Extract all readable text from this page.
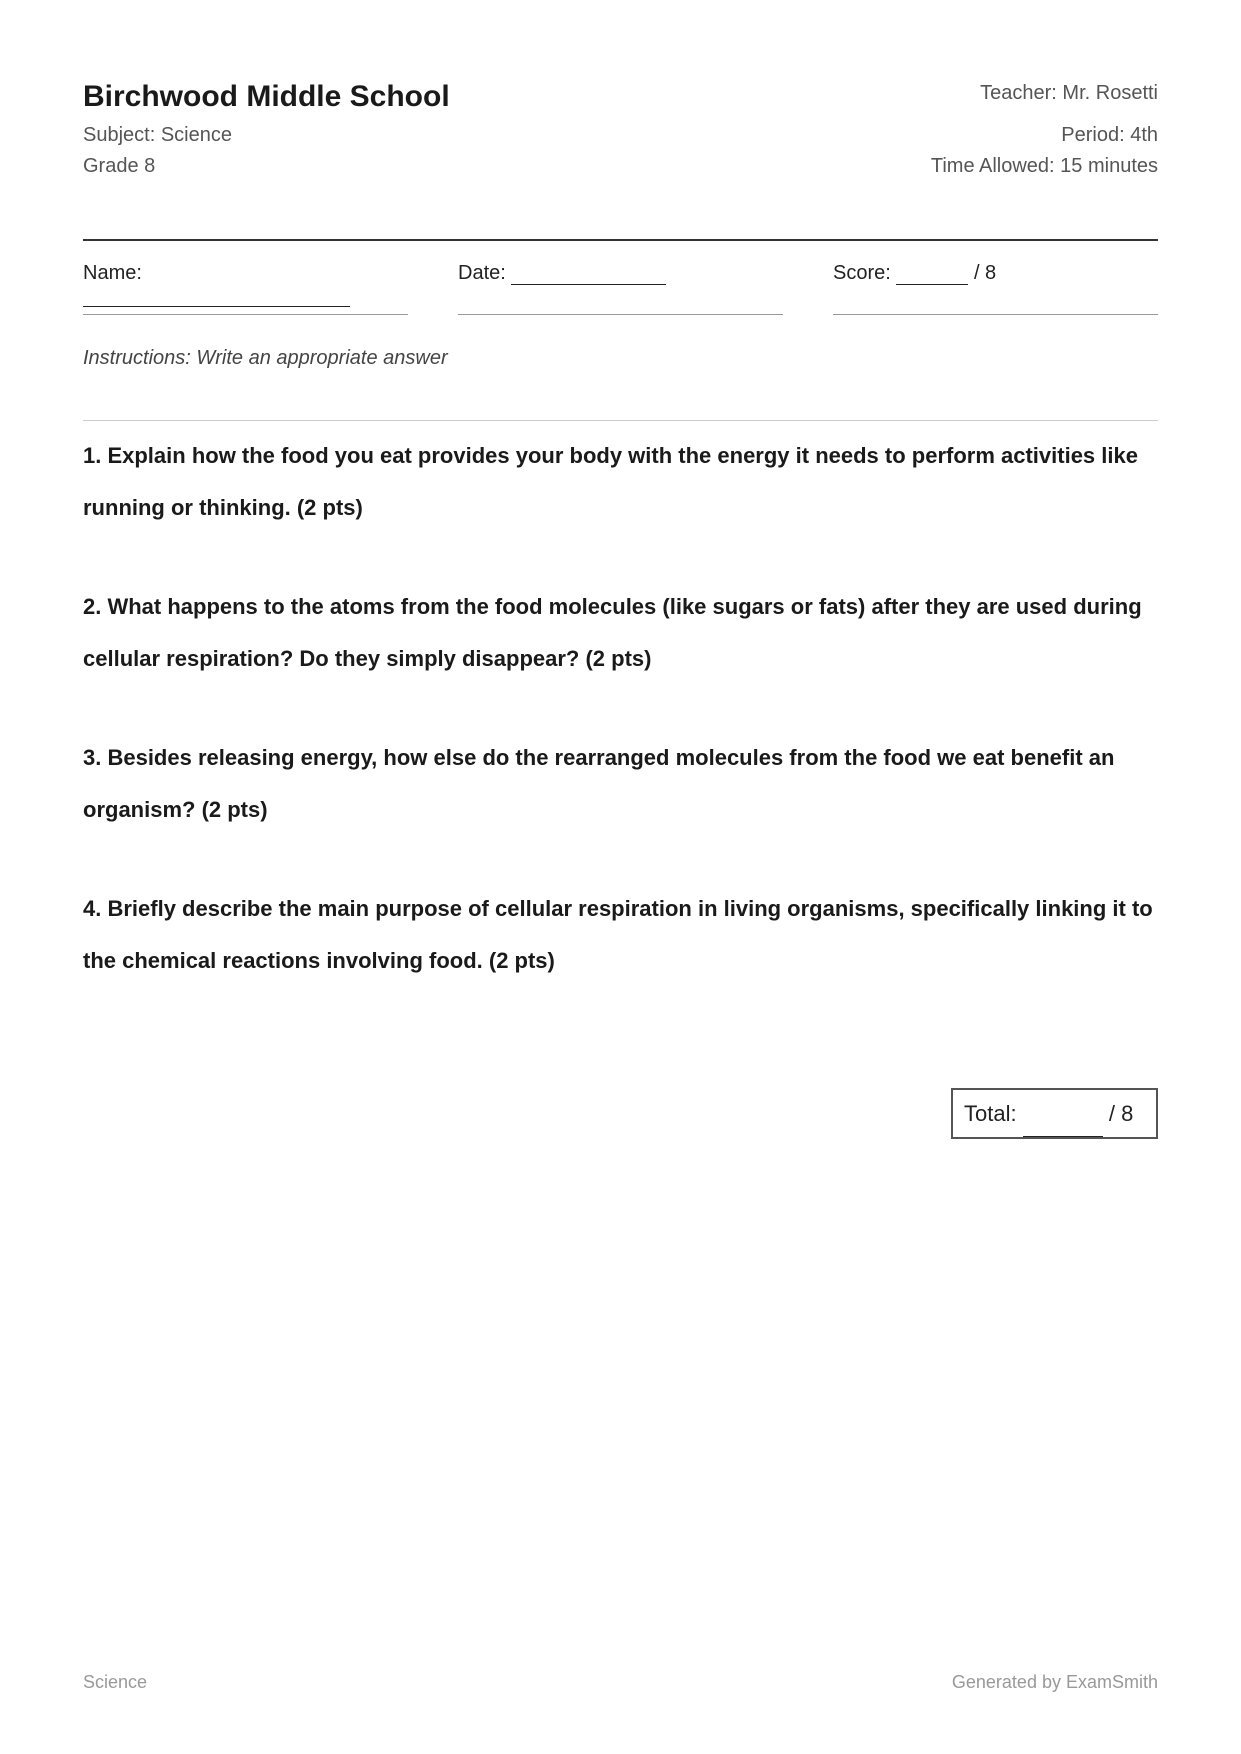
Birchwood Middle School
Subject: Science
Grade 8
Teacher: Mr. Rosetti
Period: 4th
Time Allowed: 15 minutes
Name:	Date:	Score:	/ 8
Instructions: Write an appropriate answer
1. Explain how the food you eat provides your body with the energy it needs to perform activities like running or thinking. (2 pts)
2. What happens to the atoms from the food molecules (like sugars or fats) after they are used during cellular respiration? Do they simply disappear? (2 pts)
3. Besides releasing energy, how else do the rearranged molecules from the food we eat benefit an organism? (2 pts)
4. Briefly describe the main purpose of cellular respiration in living organisms, specifically linking it to the chemical reactions involving food. (2 pts)
Total:	/ 8
Science	Generated by ExamSmith
